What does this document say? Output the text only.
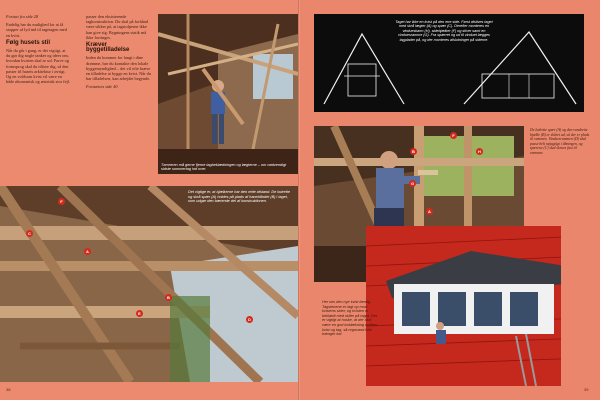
Fortsat fra side 28

Endelig har du mulighed for at få stopper af lyd ind til tagetagen med en kvist.

Følg husets stil

Når du går i gang, er det vigtigt, at du gør dig nogle tanker og ideer om, hvordan kvisten skal se ud. Farve og formsprog skal du tilføre dig, så den passer til husets arkitektur i øvrigt. Og en voldsom kvist vil være en både økonomisk og æstetisk stor fejl.

passer den eksisterende tagkonstruktion. Du skal på forhånd være sikker på, at tagstolperne ikke kan give sig. Bygningens statik må ikke forringes.

Kræver byggetilladelse

Inden du kommer for langt i dine drømme, bør du kontakte den lokale byggemyndighed – det vil ofte kræve en tilladelse at bygge en kvist. Når du har tilladelsen, kan arbejdet begynde.

Fortsættes side 40

Tømreren må gerne fjerne tagbeklædningen og lægterne – om nødvendigt sidste sommertag ind over.
Det vigtige er, at bjælkerne har den rette afstand. De lodrette og skrå spær (A) holdes på plads af hanebåndet (B) i taget, som udgør den bærende del af konstruktionen.
F
C
B
A
E
D
38
Taget har ikke en kvist på den ene side. Først afstives taget med skrå lægter (A) og spær (C). Derefter monteres en vindueskarm (H), sidebjælker (F) og stiver samt en vinduesramme (G). Fra spærret og ud til vinduet lægges tagplader på, og der monteres afslutninger på siderne.
B
F
H
G
A
De lodrette spær (A) og den vandrette bjælke (B) er skåret ud, så der er plads til rammen. Vinduesrammen (D) skal passe helt nøjagtigt i åbningen, og spærene (C) skal skrues fast til rammen.
Her ses den nye kvist færdig. Tagstenene er lagt op mod kvistens sider, og kvisten er beklædt med skifer på taget. Det er vigtigt at huske, at der skal være en god inddækning mellem kvist og tag, så regnvand ikke trænger ind.
39
